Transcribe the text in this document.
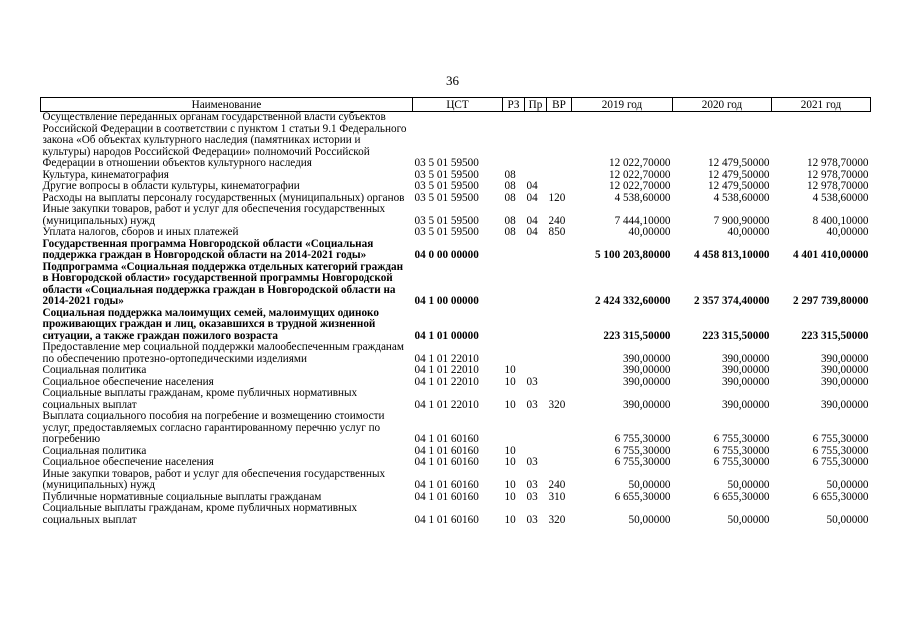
36
Наименование	ЦСТ	РЗ	Пр	ВР	2019 год	2020 год	2021 год
Осуществление переданных органам государственной власти субъектов Российской Федерации в соответствии с пунктом 1 статьи 9.1 Федерального закона «Об объектах культурного наследия (памятниках истории и культуры) народов Российской Федерации» полномочий Российской Федерации в отношении объектов культурного наследия	03 5 01 59500				12 022,70000	12 479,50000	12 978,70000
Культура, кинематография	03 5 01 59500	08			12 022,70000	12 479,50000	12 978,70000
Другие вопросы в области культуры, кинематографии	03 5 01 59500	08	04		12 022,70000	12 479,50000	12 978,70000
Расходы на выплаты персоналу государственных (муниципальных) органов	03 5 01 59500	08	04	120	4 538,60000	4 538,60000	4 538,60000
Иные закупки товаров, работ и услуг для обеспечения государственных (муниципальных) нужд	03 5 01 59500	08	04	240	7 444,10000	7 900,90000	8 400,10000
Уплата налогов, сборов и иных платежей	03 5 01 59500	08	04	850	40,00000	40,00000	40,00000
Государственная программа Новгородской области «Социальная поддержка граждан в Новгородской области на 2014-2021 годы»	04 0 00 00000				5 100 203,80000	4 458 813,10000	4 401 410,00000
Подпрограмма «Социальная поддержка отдельных категорий граждан в Новгородской области» государственной программы Новгородской области «Социальная поддержка граждан в Новгородской области на 2014-2021 годы»	04 1 00 00000				2 424 332,60000	2 357 374,40000	2 297 739,80000
Социальная поддержка малоимущих семей, малоимущих одиноко проживающих граждан и лиц, оказавшихся в трудной жизненной ситуации, а также граждан пожилого возраста	04 1 01 00000				223 315,50000	223 315,50000	223 315,50000
Предоставление мер социальной поддержки малообеспеченным гражданам по обеспечению протезно-ортопедическими изделиями	04 1 01 22010				390,00000	390,00000	390,00000
Социальная политика	04 1 01 22010	10			390,00000	390,00000	390,00000
Социальное обеспечение населения	04 1 01 22010	10	03		390,00000	390,00000	390,00000
Социальные выплаты гражданам, кроме публичных нормативных социальных выплат	04 1 01 22010	10	03	320	390,00000	390,00000	390,00000
Выплата социального пособия на погребение и возмещению стоимости услуг, предоставляемых согласно гарантированному перечню услуг по погребению	04 1 01 60160				6 755,30000	6 755,30000	6 755,30000
Социальная политика	04 1 01 60160	10			6 755,30000	6 755,30000	6 755,30000
Социальное обеспечение населения	04 1 01 60160	10	03		6 755,30000	6 755,30000	6 755,30000
Иные закупки товаров, работ и услуг для обеспечения государственных (муниципальных) нужд	04 1 01 60160	10	03	240	50,00000	50,00000	50,00000
Публичные нормативные социальные выплаты гражданам	04 1 01 60160	10	03	310	6 655,30000	6 655,30000	6 655,30000
Социальные выплаты гражданам, кроме публичных нормативных социальных выплат	04 1 01 60160	10	03	320	50,00000	50,00000	50,00000
